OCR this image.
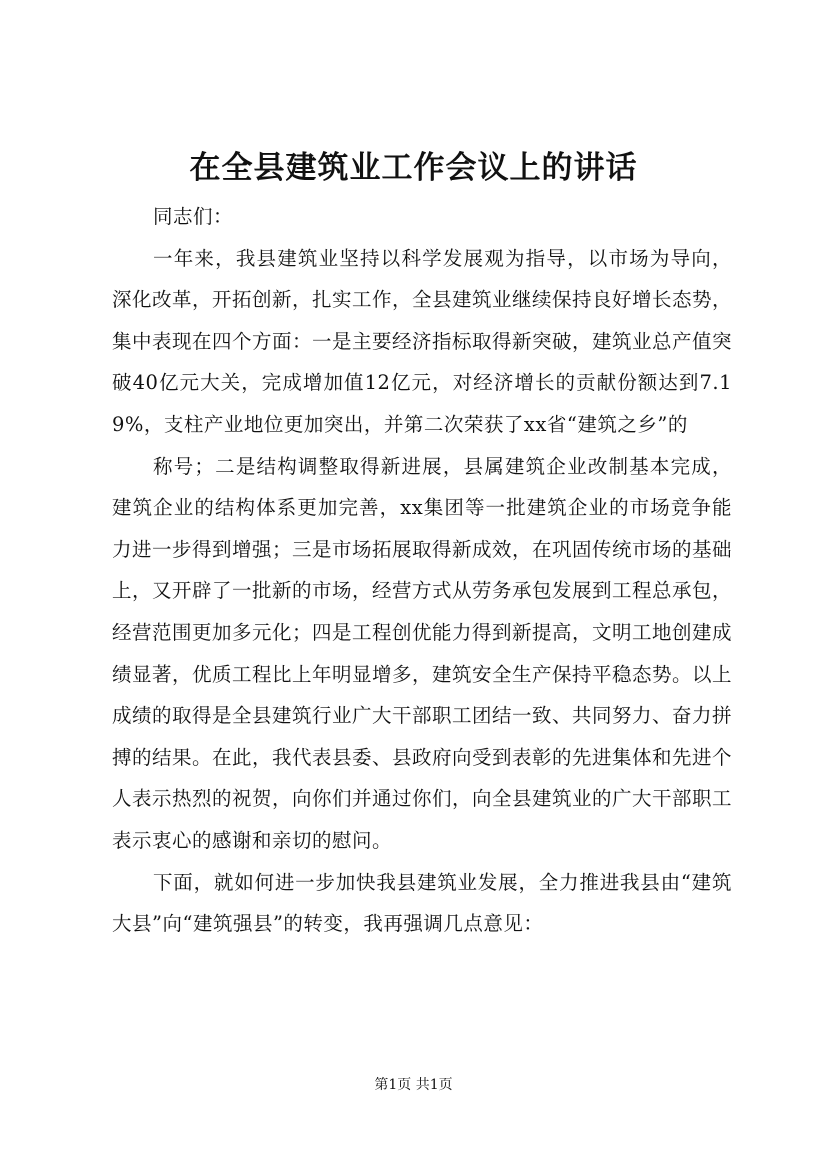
在全县建筑业工作会议上的讲话

同志们：

一年来，我县建筑业坚持以科学发展观为指导，以市场为导向，深化改革，开拓创新，扎实工作，全县建筑业继续保持良好增长态势，集中表现在四个方面：一是主要经济指标取得新突破，建筑业总产值突破40亿元大关，完成增加值12亿元，对经济增长的贡献份额达到7.19%，支柱产业地位更加突出，并第二次荣获了xx省“建筑之乡”的

称号；二是结构调整取得新进展，县属建筑企业改制基本完成，建筑企业的结构体系更加完善，xx集团等一批建筑企业的市场竞争能力进一步得到增强；三是市场拓展取得新成效，在巩固传统市场的基础上，又开辟了一批新的市场，经营方式从劳务承包发展到工程总承包，经营范围更加多元化；四是工程创优能力得到新提高，文明工地创建成绩显著，优质工程比上年明显增多，建筑安全生产保持平稳态势。以上成绩的取得是全县建筑行业广大干部职工团结一致、共同努力、奋力拼搏的结果。在此，我代表县委、县政府向受到表彰的先进集体和先进个人表示热烈的祝贺，向你们并通过你们，向全县建筑业的广大干部职工表示衷心的感谢和亲切的慰问。

下面，就如何进一步加快我县建筑业发展，全力推进我县由“建筑大县”向“建筑强县”的转变，我再强调几点意见：

第1页 共1页
